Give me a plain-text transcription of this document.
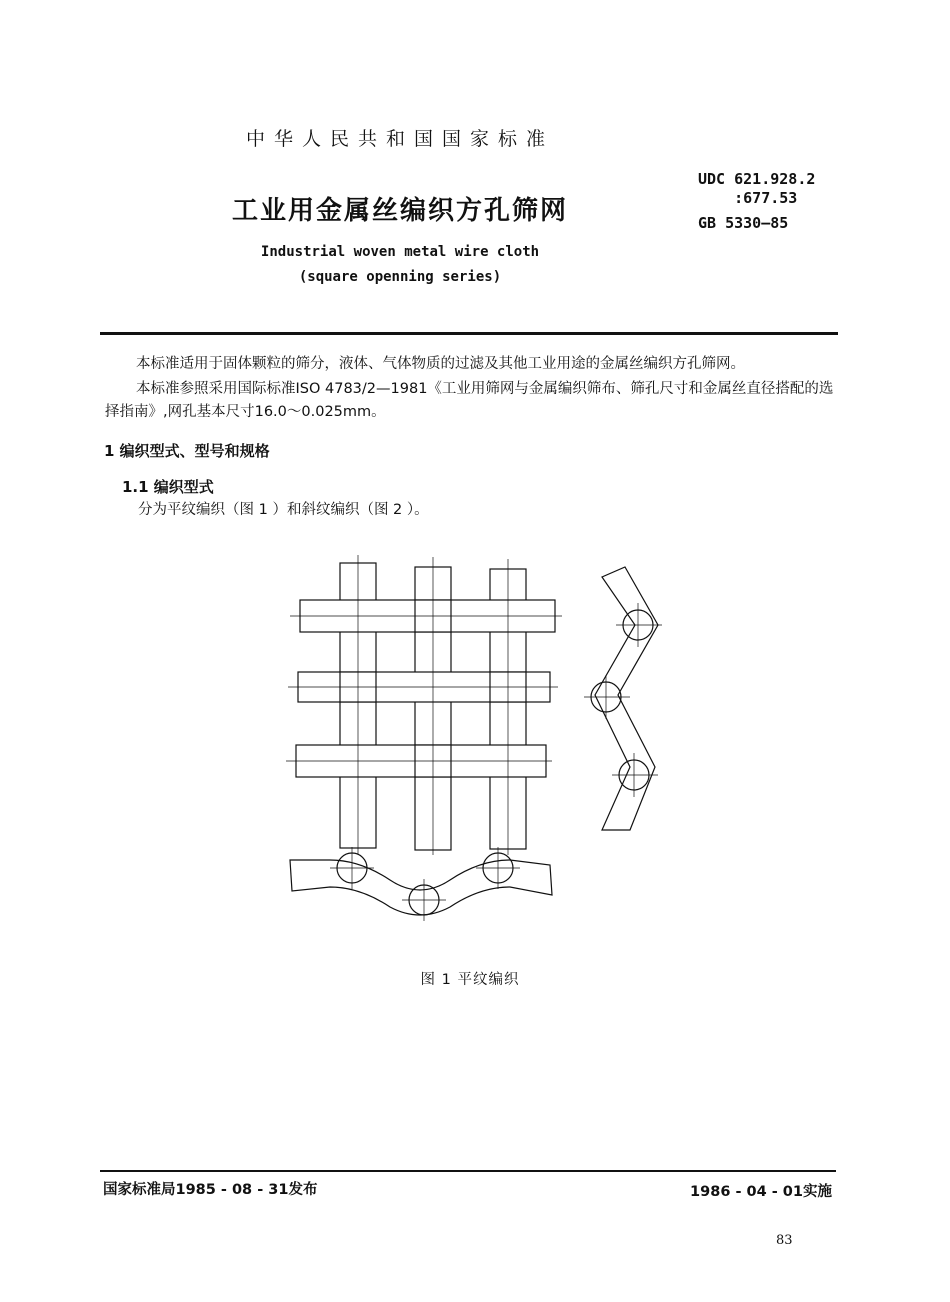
中华人民共和国国家标准
UDC 621.928.2
:677.53
GB 5330—85
工业用金属丝编织方孔筛网
Industrial woven metal wire cloth
(square openning series)
本标准适用于固体颗粒的筛分，液体、气体物质的过滤及其他工业用途的金属丝编织方孔筛网。
本标准参照采用国际标准ISO 4783/2—1981《工业用筛网与金属编织筛布、筛孔尺寸和金属丝直径搭配的选择指南》,网孔基本尺寸16.0～0.025mm。
1 编织型式、型号和规格
1.1 编织型式
分为平纹编织（图 1 ）和斜纹编织（图 2 ）。
图 1 平纹编织
国家标准局1985 - 08 - 31发布	1986 - 04 - 01实施
83
